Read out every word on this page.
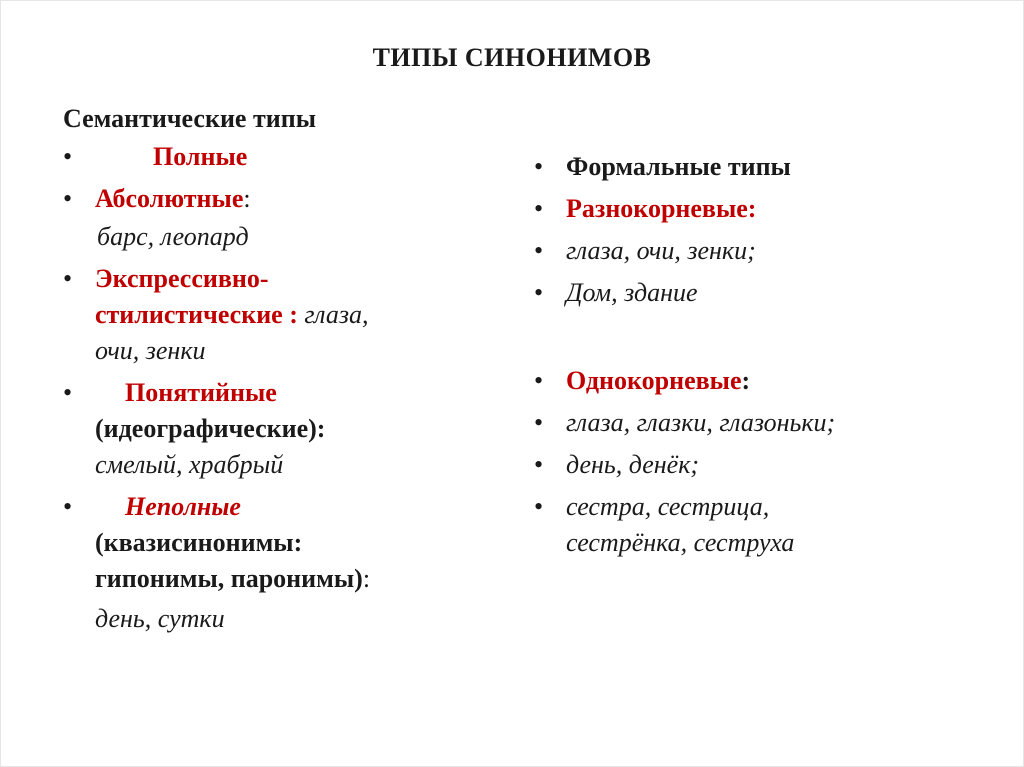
ТИПЫ СИНОНИМОВ

Семантические типы

• Полные
• Абсолютные:
барс, леопард
• Экспрессивно-
стилистические : глаза,
очи, зенки
• Понятийные
(идеографические):
смелый, храбрый
• Неполные
(квазисинонимы:
гипонимы, паронимы):
день, сутки
• Формальные типы
• Разнокорневые:
• глаза, очи, зенки;
• Дом, здание
• Однокорневые:
• глаза, глазки, глазоньки;
• день, денёк;
• сестра, сестрица,
сестрёнка, сеструха
